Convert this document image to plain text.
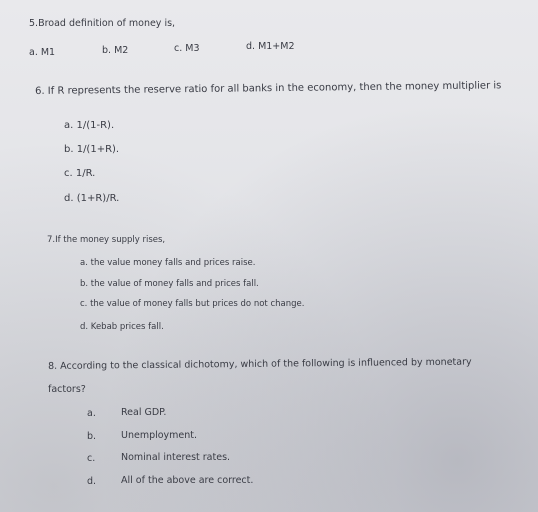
5.Broad definition of money is,
a. M1	b. M2	c. M3	d. M1+M2
6. If R represents the reserve ratio for all banks in the economy, then the money multiplier is
a. 1/(1-R).
b. 1/(1+R).
c. 1/R.
d. (1+R)/R.
7.If the money supply rises,
a. the value money falls and prices raise.
b. the value of money falls and prices fall.
c. the value of money falls but prices do not change.
d. Kebab prices fall.
8. According to the classical dichotomy, which of the following is influenced by monetary
factors?
a.	Real GDP.
b.	Unemployment.
c.	Nominal interest rates.
d.	All of the above are correct.
